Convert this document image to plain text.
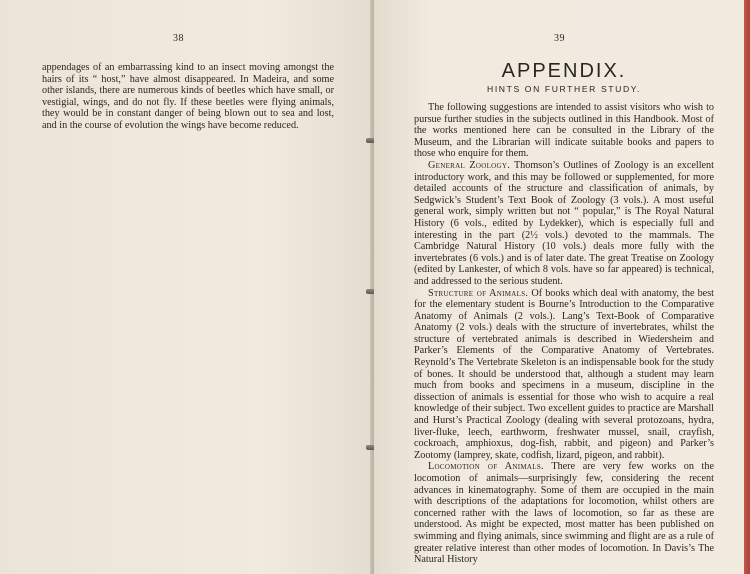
38

appendages of an embarrassing kind to an insect moving amongst the hairs of its “ host,” have almost disappeared. In Madeira, and some other islands, there are numerous kinds of beetles which have small, or vestigial, wings, and do not fly. If these beetles were flying animals, they would be in constant danger of being blown out to sea and lost, and in the course of evolution the wings have become reduced.

39
APPENDIX.
HINTS ON FURTHER STUDY.

The following suggestions are intended to assist visitors who wish to pursue further studies in the subjects outlined in this Handbook. Most of the works mentioned here can be consulted in the Library of the Museum, and the Librarian will indicate suitable books and papers to those who enquire for them.

General Zoology. Thomson’s Outlines of Zoology is an excellent introductory work, and this may be followed or supplemented, for more detailed accounts of the structure and classification of animals, by Sedgwick’s Student’s Text Book of Zoology (3 vols.). A most useful general work, simply written but not “ popular,” is The Royal Natural History (6 vols., edited by Lydekker), which is especially full and interesting in the part (2½ vols.) devoted to the mammals. The Cambridge Natural History (10 vols.) deals more fully with the invertebrates (6 vols.) and is of later date. The great Treatise on Zoology (edited by Lankester, of which 8 vols. have so far appeared) is technical, and addressed to the serious student.

Structure of Animals. Of books which deal with anatomy, the best for the elementary student is Bourne’s Introduction to the Comparative Anatomy of Animals (2 vols.). Lang’s Text-Book of Comparative Anatomy (2 vols.) deals with the structure of invertebrates, whilst the structure of vertebrated animals is described in Wiedersheim and Parker’s Elements of the Comparative Anatomy of Vertebrates. Reynold’s The Vertebrate Skeleton is an indispensable book for the study of bones. It should be understood that, although a student may learn much from books and specimens in a museum, discipline in the dissection of animals is essential for those who wish to acquire a real knowledge of their subject. Two excellent guides to practice are Marshall and Hurst’s Practical Zoology (dealing with several protozoans, hydra, liver-fluke, leech, earthworm, freshwater mussel, snail, crayfish, cockroach, amphioxus, dog-fish, rabbit, and pigeon) and Parker’s Zootomy (lamprey, skate, codfish, lizard, pigeon, and rabbit).

Locomotion of Animals. There are very few works on the locomotion of animals—surprisingly few, considering the recent advances in kinematography. Some of them are occupied in the main with descriptions of the adaptations for locomotion, whilst others are concerned rather with the laws of locomotion, so far as these are understood. As might be expected, most matter has been published on swimming and flying animals, since swimming and flight are as a rule of greater relative interest than other modes of locomotion. In Davis’s The Natural History
